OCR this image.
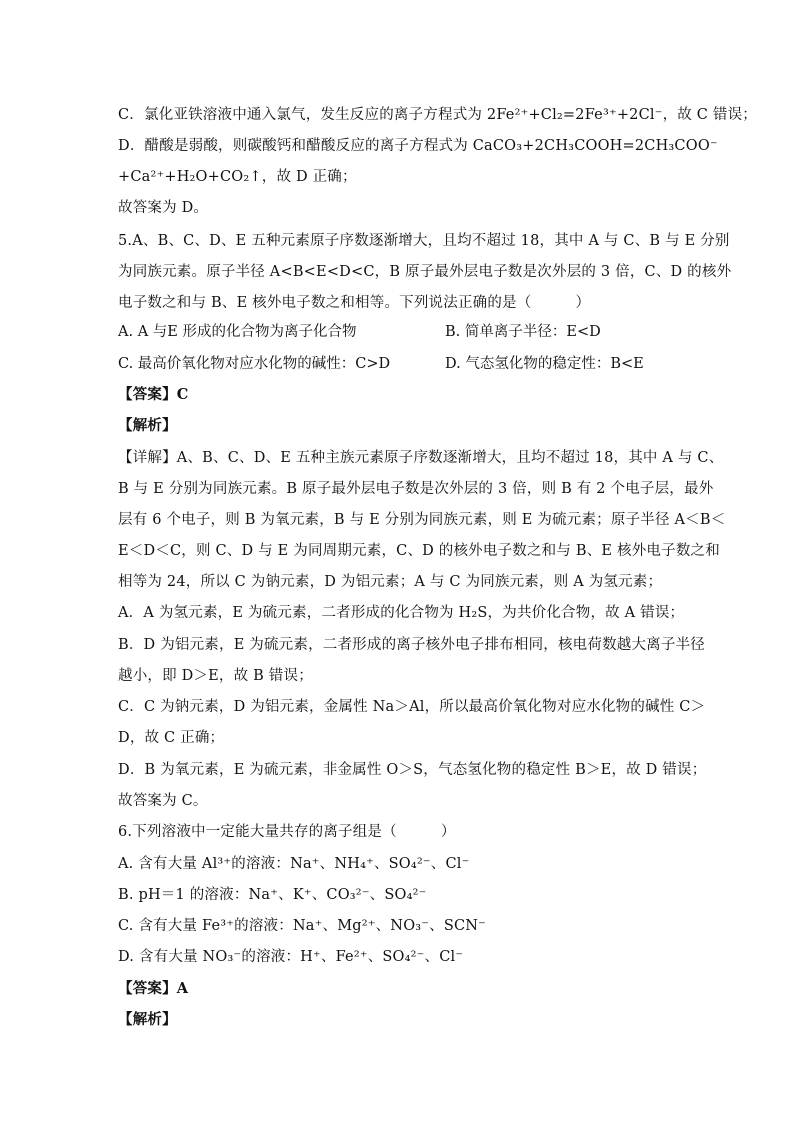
C．氯化亚铁溶液中通入氯气，发生反应的离子方程式为 2Fe²⁺+Cl₂=2Fe³⁺+2Cl⁻，故 C 错误；
D．醋酸是弱酸，则碳酸钙和醋酸反应的离子方程式为 CaCO₃+2CH₃COOH=2CH₃COO⁻
+Ca²⁺+H₂O+CO₂↑，故 D 正确；
故答案为 D。
5.A、B、C、D、E 五种元素原子序数逐渐增大，且均不超过 18，其中 A 与 C、B 与 E 分别
为同族元素。原子半径 A<B<E<D<C，B 原子最外层电子数是次外层的 3 倍，C、D 的核外
电子数之和与 B、E 核外电子数之和相等。下列说法正确的是（　　　）
A. A 与E 形成的化合物为离子化合物	B. 简单离子半径：E<D
C. 最高价氧化物对应水化物的碱性：C>D	D. 气态氢化物的稳定性：B<E
【答案】C
【解析】
【详解】A、B、C、D、E 五种主族元素原子序数逐渐增大，且均不超过 18，其中 A 与 C、
B 与 E 分别为同族元素。B 原子最外层电子数是次外层的 3 倍，则 B 有 2 个电子层，最外
层有 6 个电子，则 B 为氧元素，B 与 E 分别为同族元素，则 E 为硫元素；原子半径 A＜B＜
E＜D＜C，则 C、D 与 E 为同周期元素，C、D 的核外电子数之和与 B、E 核外电子数之和
相等为 24，所以 C 为钠元素，D 为铝元素；A 与 C 为同族元素，则 A 为氢元素；
A．A 为氢元素，E 为硫元素，二者形成的化合物为 H₂S，为共价化合物，故 A 错误；
B．D 为铝元素，E 为硫元素，二者形成的离子核外电子排布相同，核电荷数越大离子半径
越小，即 D＞E，故 B 错误；
C．C 为钠元素，D 为铝元素，金属性 Na＞Al，所以最高价氧化物对应水化物的碱性 C＞
D，故 C 正确；
D．B 为氧元素，E 为硫元素，非金属性 O＞S，气态氢化物的稳定性 B＞E，故 D 错误；
故答案为 C。
6.下列溶液中一定能大量共存的离子组是（　　　）
A. 含有大量 Al³⁺的溶液：Na⁺、NH₄⁺、SO₄²⁻、Cl⁻
B. pH＝1 的溶液：Na⁺、K⁺、CO₃²⁻、SO₄²⁻
C. 含有大量 Fe³⁺的溶液：Na⁺、Mg²⁺、NO₃⁻、SCN⁻
D. 含有大量 NO₃⁻的溶液：H⁺、Fe²⁺、SO₄²⁻、Cl⁻
【答案】A
【解析】
